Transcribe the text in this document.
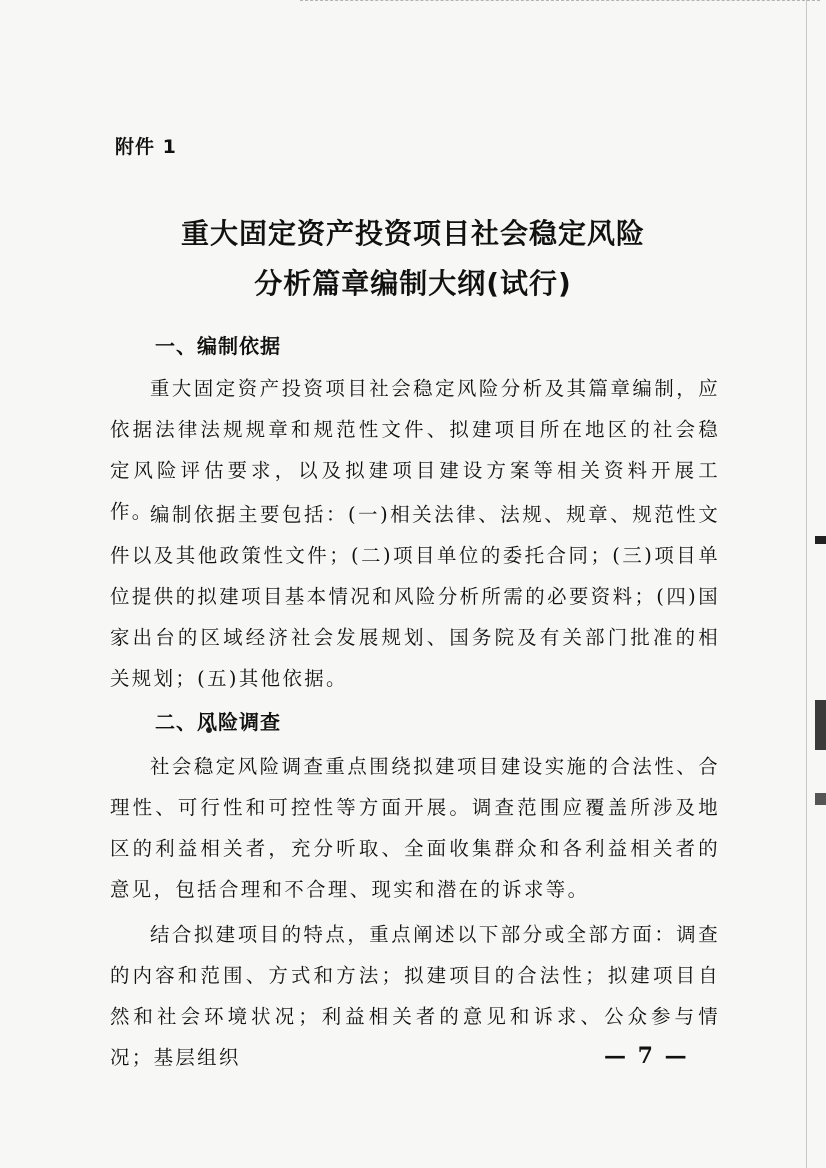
附件 1
重大固定资产投资项目社会稳定风险
分析篇章编制大纲(试行)
一、编制依据
重大固定资产投资项目社会稳定风险分析及其篇章编制，应依据法律法规规章和规范性文件、拟建项目所在地区的社会稳定风险评估要求，以及拟建项目建设方案等相关资料开展工作。
编制依据主要包括：(一)相关法律、法规、规章、规范性文件以及其他政策性文件；(二)项目单位的委托合同；(三)项目单位提供的拟建项目基本情况和风险分析所需的必要资料；(四)国家出台的区域经济社会发展规划、国务院及有关部门批准的相关规划；(五)其他依据。
二、风险调查
社会稳定风险调查重点围绕拟建项目建设实施的合法性、合理性、可行性和可控性等方面开展。调查范围应覆盖所涉及地区的利益相关者，充分听取、全面收集群众和各利益相关者的意见，包括合理和不合理、现实和潜在的诉求等。
结合拟建项目的特点，重点阐述以下部分或全部方面：调查的内容和范围、方式和方法；拟建项目的合法性；拟建项目自然和社会环境状况；利益相关者的意见和诉求、公众参与情况；基层组织	— 7 —
